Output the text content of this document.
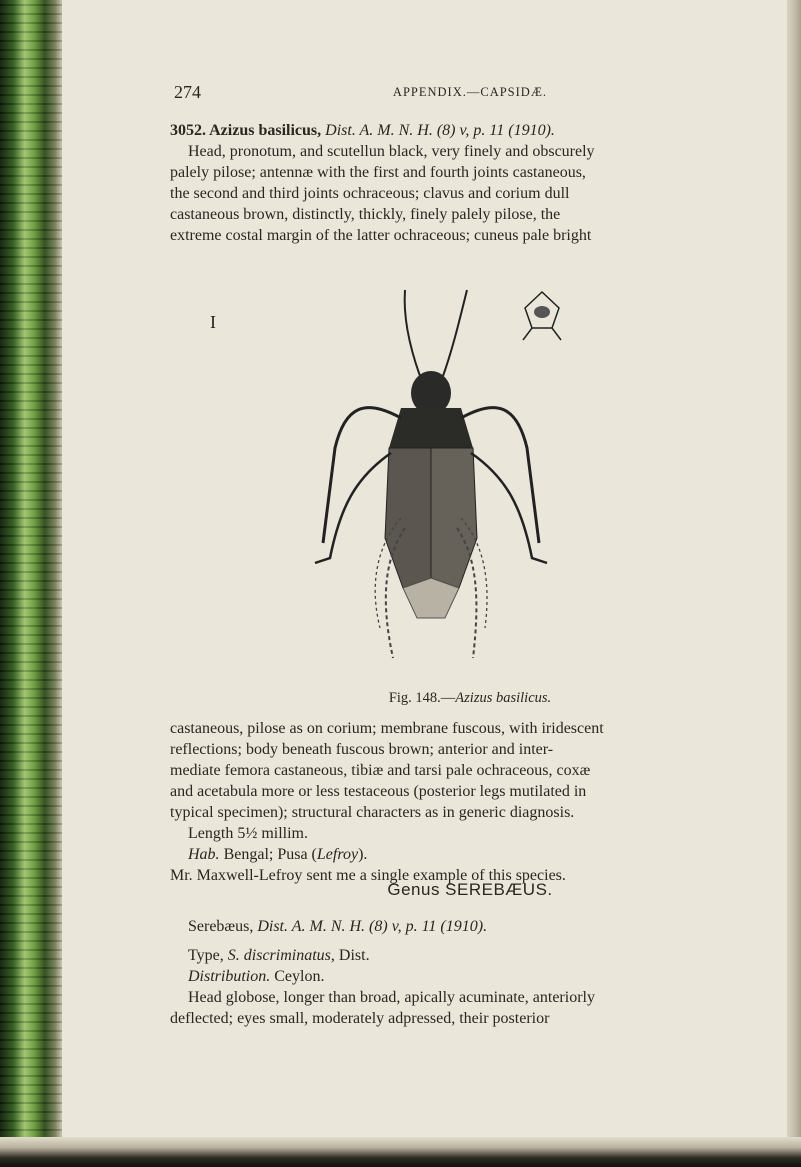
274	APPENDIX.—CAPSIDÆ.

3052. Azizus basilicus, Dist. A. M. N. H. (8) v, p. 11 (1910).

Head, pronotum, and scutellun black, very finely and obscurely

palely pilose; antennæ with the first and fourth joints castaneous,

the second and third joints ochraceous; clavus and corium dull

castaneous brown, distinctly, thickly, finely palely pilose, the

extreme costal margin of the latter ochraceous; cuneus pale bright

I
Fig. 148.—Azizus basilicus.

castaneous, pilose as on corium; membrane fuscous, with iridescent

reflections; body beneath fuscous brown; anterior and inter-

mediate femora castaneous, tibiæ and tarsi pale ochraceous, coxæ

and acetabula more or less testaceous (posterior legs mutilated in

typical specimen); structural characters as in generic diagnosis.

Length 5½ millim.

Hab. Bengal; Pusa (Lefroy).

Mr. Maxwell-Lefroy sent me a single example of this species.

Genus SEREBÆUS.

Serebæus, Dist. A. M. N. H. (8) v, p. 11 (1910).

Type, S. discriminatus, Dist.

Distribution. Ceylon.

Head globose, longer than broad, apically acuminate, anteriorly

deflected; eyes small, moderately adpressed, their posterior
